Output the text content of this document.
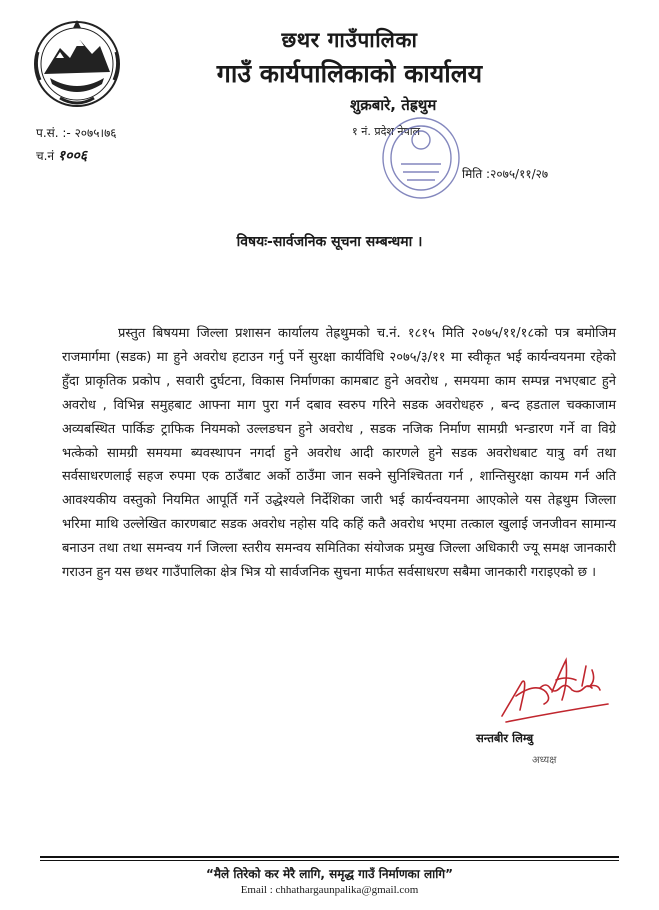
छथर गाउँपालिका
गाउँ कार्यपालिकाको कार्यालय
शुक्रबारे, तेह्रथुम
१ नं. प्रदेश नेपाल
प.सं. :- २०७५।७६
च.नं १००६
मिति :२०७५/११/२७
विषयः-सार्वजनिक सूचना सम्बन्धमा ।
प्रस्तुत बिषयमा जिल्ला प्रशासन कार्यालय तेह्रथुमको च.नं. १८१५ मिति २०७५/११/१८को पत्र बमोजिम राजमार्गमा (सडक) मा हुने अवरोध हटाउन गर्नु पर्ने सुरक्षा कार्यविधि २०७५/३/११ मा स्वीकृत भई कार्यन्वयनमा रहेको हुँदा प्राकृतिक प्रकोप , सवारी दुर्घटना, विकास निर्माणका कामबाट हुने अवरोध , समयमा काम सम्पन्न नभएबाट हुने अवरोध , विभिन्न समुहबाट आफ्ना माग पुरा गर्न दबाव स्वरुप गरिने सडक अवरोधहरु , बन्द हडताल चक्काजाम अव्यबस्थित पार्किङ ट्राफिक नियमको उल्लङघन हुने अवरोध , सडक नजिक निर्माण सामग्री भन्डारण गर्ने वा विग्रे भत्केको सामग्री समयमा ब्यवस्थापन नगर्दा हुने अवरोध आदी कारणले हुने सडक अवरोधबाट यात्रु वर्ग तथा सर्वसाधरणलाई सहज रुपमा एक ठाउँबाट अर्को ठाउँमा जान सक्ने सुनिश्चितता गर्न , शान्तिसुरक्षा कायम गर्न अति आवश्यकीय वस्तुको नियमित आपूर्ति गर्ने उद्धेश्यले निर्देशिका जारी भई कार्यन्वयनमा आएकोले यस तेह्रथुम जिल्ला भरिमा माथि उल्लेखित कारणबाट सडक अवरोध नहोस यदि कहिं कतै अवरोध भएमा तत्काल खुलाई जनजीवन सामान्य बनाउन तथा तथा समन्वय गर्न जिल्ला स्तरीय समन्वय समितिका संयोजक प्रमुख जिल्ला अधिकारी ज्यू समक्ष जानकारी गराउन हुन यस छथर गाउँपालिका क्षेत्र भित्र यो सार्वजनिक सुचना मार्फत सर्वसाधरण सबैमा जानकारी गराइएको छ ।
सन्तबीर लिम्बु
अध्यक्ष
“मैले तिरेको कर मेरै लागि, समृद्ध गाउँ निर्माणका लागि”
Email : chhathargaunpalika@gmail.com
